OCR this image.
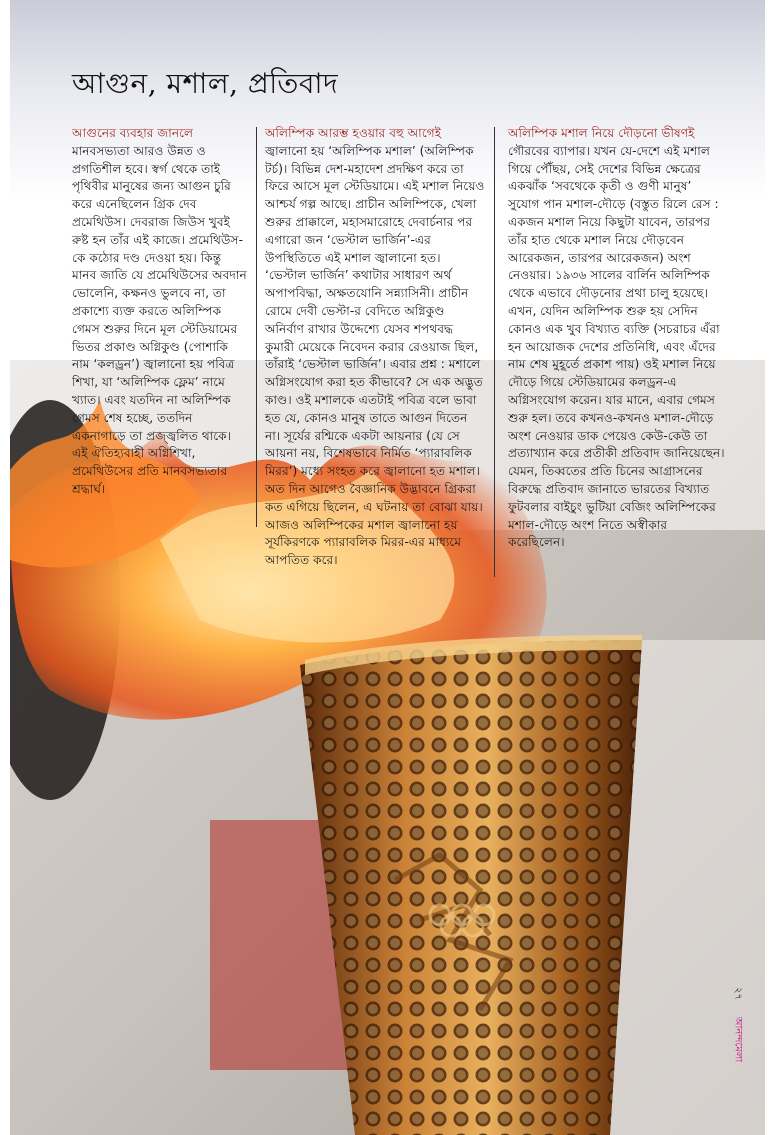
আগুন, মশাল, প্রতিবাদ

আগুনের ব্যবহার জানলে

মানবসভ্যতা আরও উন্নত ও প্রগতিশীল হবে। স্বর্গ থেকে তাই পৃথিবীর মানুষের জন্য আগুন চুরি করে এনেছিলেন গ্রিক দেব প্রমেথিউস। দেবরাজ জিউস খুবই রুষ্ট হন তাঁর এই কাজে। প্রমেথিউস-কে কঠোর দণ্ড দেওয়া হয়। কিন্তু মানব জাতি যে প্রমেথিউসের অবদান ভোলেনি, কক্ষনও ভুলবে না, তা প্রকাশ্যে ব্যক্ত করতে অলিম্পিক গেমস শুরুর দিনে মূল স্টেডিয়ামের ভিতর প্রকাণ্ড অগ্নিকুণ্ড (পোশাকি নাম ‘কলড্রন’) জ্বালানো হয় পবিত্র শিখা, যা ‘অলিম্পিক ফ্লেম’ নামে খ্যাত। এবং যতদিন না অলিম্পিক গেমস শেষ হচ্ছে, ততদিন একনাগাড়ে তা প্রজ্জ্বলিত থাকে। এই ঐতিহ্যবাহী অগ্নিশিখা, প্রমেথিউসের প্রতি মানবসভ্যতার শ্রদ্ধার্ঘ।

অলিম্পিক আরম্ভ হওয়ার বহু আগেই

জ্বালানো হয় ‘অলিম্পিক মশাল’ (অলিম্পিক টর্চ)। বিভিন্ন দেশ-মহাদেশ প্রদক্ষিণ করে তা ফিরে আসে মূল স্টেডিয়ামে। এই মশাল নিয়েও আশ্চর্য গল্প আছে। প্রাচীন অলিম্পিকে, খেলা শুরুর প্রাক্কালে, মহাসমারোহে দেবার্চনার পর এগারো জন ‘ভেস্টাল ভার্জিন’-এর উপস্থিতিতে এই মশাল জ্বালানো হত। ‘ভেস্টাল ভার্জিন’ কথাটার সাধারণ অর্থ অপাপবিদ্ধা, অক্ষতযোনি সন্ন্যাসিনী। প্রাচীন রোমে দেবী ভেস্টা-র বেদিতে অগ্নিকুণ্ড অনির্বাণ রাখার উদ্দেশ্যে যেসব শপথবদ্ধ কুমারী মেয়েকে নিবেদন করার রেওয়াজ ছিল, তাঁরাই ‘ভেস্টাল ভার্জিন’। এবার প্রশ্ন : মশালে অগ্নিসংযোগ করা হত কীভাবে? সে এক অদ্ভুত কাণ্ড। ওই মশালকে এতটাই পবিত্র বলে ভাবা হত যে, কোনও মানুষ তাতে আগুন দিতেন না। সূর্যের রশ্মিকে একটা আয়নার (যে সে আয়না নয়, বিশেষভাবে নির্মিত ‘প্যারাবলিক মিরর’) মধ্যে সংহত করে জ্বালানো হত মশাল। অত দিন আগেও বৈজ্ঞানিক উদ্ভাবনে গ্রিকরা কত এগিয়ে ছিলেন, এ ঘটনায় তা বোঝা যায়। আজও অলিম্পিকের মশাল জ্বালানো হয় সূর্যকিরণকে প্যারাবলিক মিরর-এর মাধ্যমে আপতিত করে।

অলিম্পিক মশাল নিয়ে দৌড়নো ভীষণই

গৌরবের ব্যাপার। যখন যে-দেশে এই মশাল গিয়ে পৌঁছয়, সেই দেশের বিভিন্ন ক্ষেত্রের একঝাঁক ‘সবথেকে কৃতী ও গুণী মানুষ’ সুযোগ পান মশাল-দৌড়ে (বস্তুত রিলে রেস : একজন মশাল নিয়ে কিছুটা যাবেন, তারপর তাঁর হাত থেকে মশাল নিয়ে দৌড়বেন আরেকজন, তারপর আরেকজন) অংশ নেওয়ার। ১৯৩৬ সালের বার্লিন অলিম্পিক থেকে এভাবে দৌড়নোর প্রথা চালু হয়েছে। এখন, যেদিন অলিম্পিক শুরু হয় সেদিন কোনও এক খুব বিখ্যাত ব্যক্তি (সচরাচর এঁরা হন আয়োজক দেশের প্রতিনিধি, এবং এঁদের নাম শেষ মুহূর্তে প্রকাশ পায়) ওই মশাল নিয়ে দৌড়ে গিয়ে স্টেডিয়ামের কলড্রন-এ অগ্নিসংযোগ করেন। যার মানে, এবার গেমস শুরু হল। তবে কখনও-কখনও মশাল-দৌড়ে অংশ নেওয়ার ডাক পেয়েও কেউ-কেউ তা প্রত্যাখ্যান করে প্রতীকী প্রতিবাদ জানিয়েছেন। যেমন, তিব্বতের প্রতি চিনের আগ্রাসনের বিরুদ্ধে প্রতিবাদ জানাতে ভারতের বিখ্যাত ফুটবলার বাইচুং ভুটিয়া বেজিং অলিম্পিকের মশাল-দৌড়ে অংশ নিতে অস্বীকার করেছিলেন।

২৭
আনন্দমেলা
